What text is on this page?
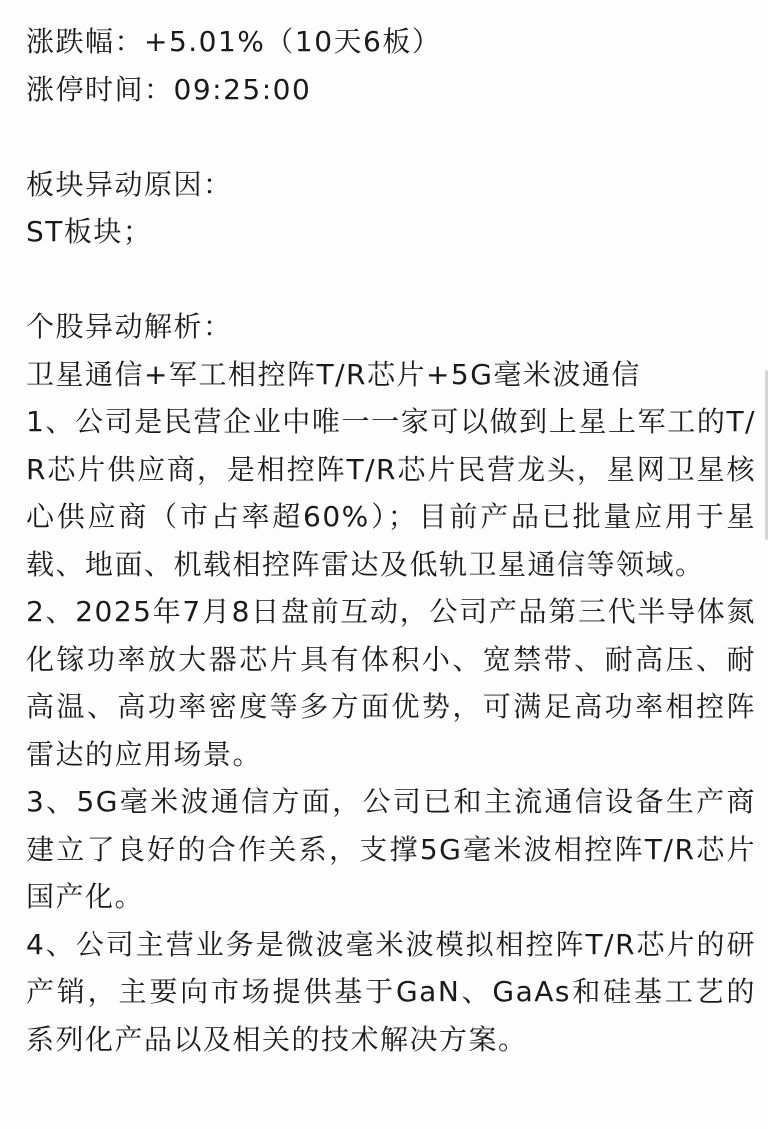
涨跌幅：+5.01%（10天6板）
涨停时间：09:25:00
板块异动原因：
ST板块；
个股异动解析：
卫星通信+军工相控阵T/R芯片+5G毫米波通信
1、公司是民营企业中唯一一家可以做到上星上军工的T/R芯片供应商，是相控阵T/R芯片民营龙头，星网卫星核心供应商（市占率超60%）；目前产品已批量应用于星载、地面、机载相控阵雷达及低轨卫星通信等领域。
2、2025年7月8日盘前互动，公司产品第三代半导体氮化镓功率放大器芯片具有体积小、宽禁带、耐高压、耐高温、高功率密度等多方面优势，可满足高功率相控阵雷达的应用场景。
3、5G毫米波通信方面，公司已和主流通信设备生产商建立了良好的合作关系，支撑5G毫米波相控阵T/R芯片国产化。
4、公司主营业务是微波毫米波模拟相控阵T/R芯片的研产销，主要向市场提供基于GaN、GaAs和硅基工艺的系列化产品以及相关的技术解决方案。
